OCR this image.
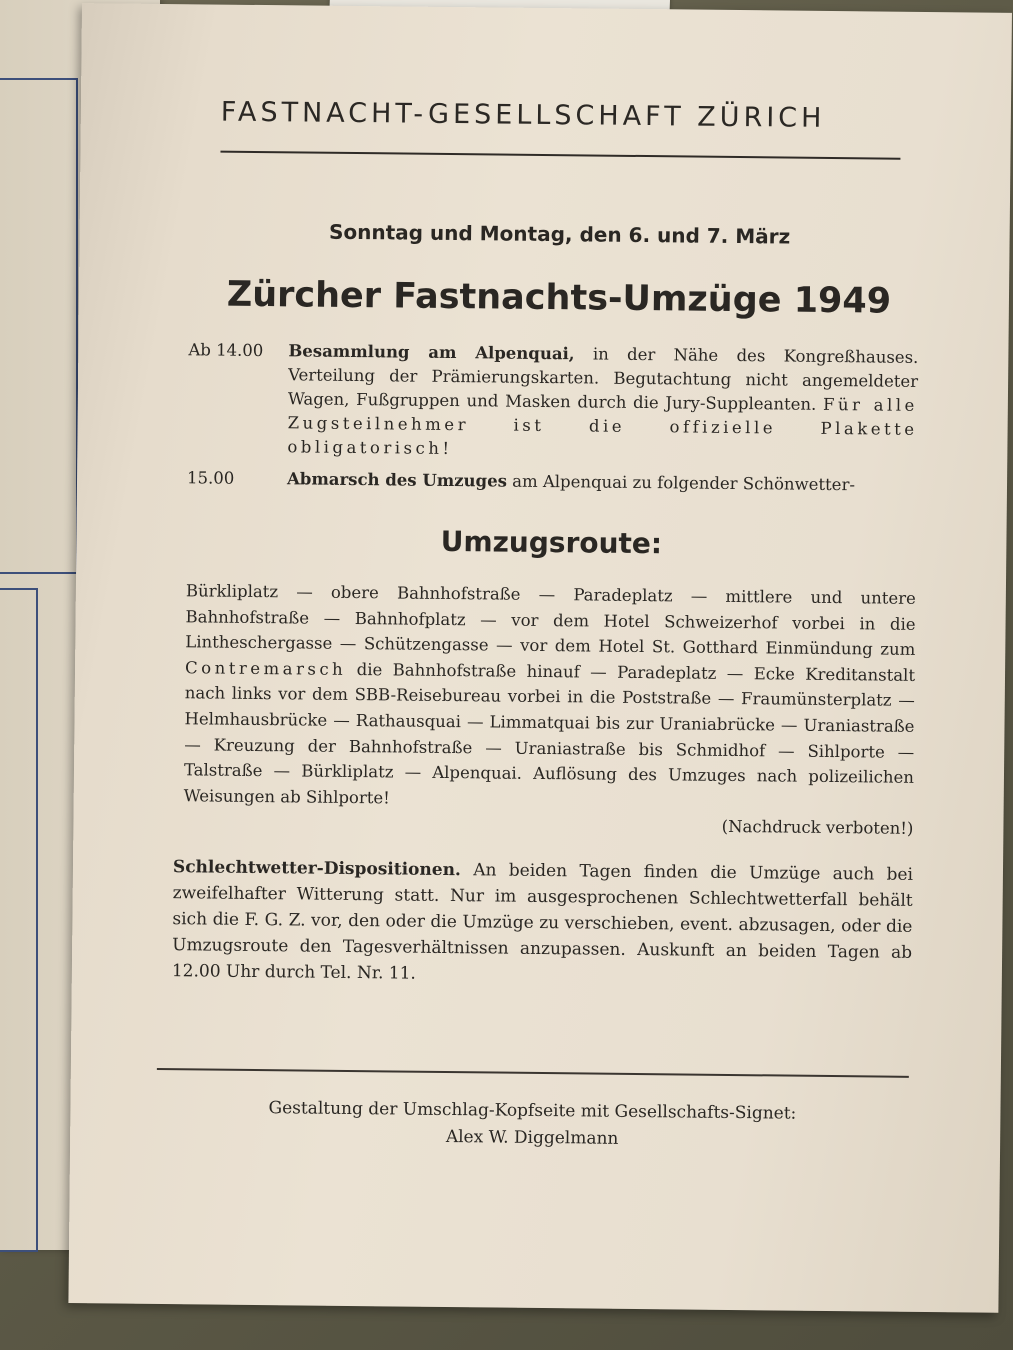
FASTNACHT-GESELLSCHAFT ZÜRICH
Sonntag und Montag, den 6. und 7. März
Zürcher Fastnachts-Umzüge 1949
Ab 14.00	Besammlung am Alpenquai, in der Nähe des Kongreßhauses. Verteilung der Prämierungskarten. Begutachtung nicht angemeldeter Wagen, Fußgruppen und Masken durch die Jury-Suppleanten. Für alle Zugsteilnehmer ist die offizielle Plakette obligatorisch!
15.00	Abmarsch des Umzuges am Alpenquai zu folgender Schönwetter-
Umzugsroute:
Bürkliplatz — obere Bahnhofstraße — Paradeplatz — mittlere und untere Bahnhofstraße — Bahnhofplatz — vor dem Hotel Schweizerhof vorbei in die Lintheschergasse — Schützengasse — vor dem Hotel St. Gotthard Einmündung zum Contremarsch die Bahnhofstraße hinauf — Paradeplatz — Ecke Kreditanstalt nach links vor dem SBB-Reisebureau vorbei in die Poststraße — Fraumünsterplatz — Helmhausbrücke — Rathausquai — Limmatquai bis zur Uraniabrücke — Uraniastraße — Kreuzung der Bahnhofstraße — Uraniastraße bis Schmidhof — Sihlporte — Talstraße — Bürkliplatz — Alpenquai. Auflösung des Umzuges nach polizeilichen Weisungen ab Sihlporte!
(Nachdruck verboten!)
Schlechtwetter-Dispositionen. An beiden Tagen finden die Umzüge auch bei zweifelhafter Witterung statt. Nur im ausgesprochenen Schlechtwetterfall behält sich die F. G. Z. vor, den oder die Umzüge zu verschieben, event. abzusagen, oder die Umzugsroute den Tagesverhältnissen anzupassen. Auskunft an beiden Tagen ab 12.00 Uhr durch Tel. Nr. 11.
Gestaltung der Umschlag-Kopfseite mit Gesellschafts-Signet:
Alex W. Diggelmann
